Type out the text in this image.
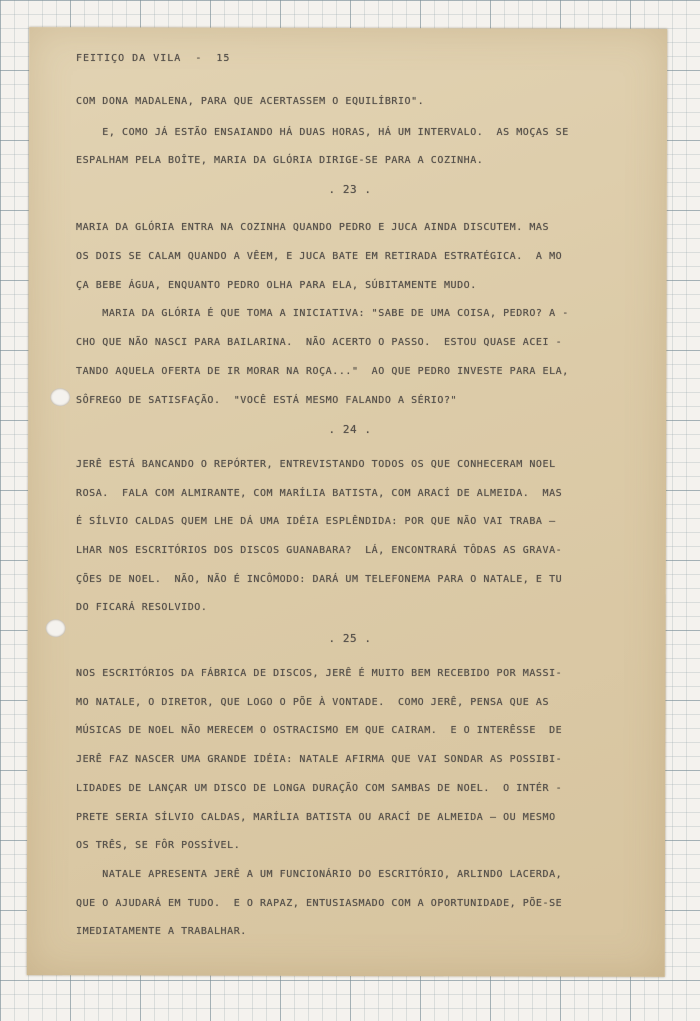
FEITIÇO DA VILA  -  15
COM DONA MADALENA, PARA QUE ACERTASSEM O EQUILÍBRIO".
E, COMO JÁ ESTÃO ENSAIANDO HÁ DUAS HORAS, HÁ UM INTERVALO.  AS MOÇAS SE
ESPALHAM PELA BOÎTE, MARIA DA GLÓRIA DIRIGE-SE PARA A COZINHA.
. 23 .
MARIA DA GLÓRIA ENTRA NA COZINHA QUANDO PEDRO E JUCA AINDA DISCUTEM. MAS
OS DOIS SE CALAM QUANDO A VÊEM, E JUCA BATE EM RETIRADA ESTRATÉGICA.  A MO
ÇA BEBE ÁGUA, ENQUANTO PEDRO OLHA PARA ELA, SÚBITAMENTE MUDO.
MARIA DA GLÓRIA É QUE TOMA A INICIATIVA: "SABE DE UMA COISA, PEDRO? A -
CHO QUE NÃO NASCI PARA BAILARINA.  NÃO ACERTO O PASSO.  ESTOU QUASE ACEI -
TANDO AQUELA OFERTA DE IR MORAR NA ROÇA..."  AO QUE PEDRO INVESTE PARA ELA,
SÔFREGO DE SATISFAÇÃO.  "VOCÊ ESTÁ MESMO FALANDO A SÉRIO?"
. 24 .
JERÊ ESTÁ BANCANDO O REPÓRTER, ENTREVISTANDO TODOS OS QUE CONHECERAM NOEL
ROSA.  FALA COM ALMIRANTE, COM MARÍLIA BATISTA, COM ARACÍ DE ALMEIDA.  MAS
É SÍLVIO CALDAS QUEM LHE DÁ UMA IDÉIA ESPLÊNDIDA: POR QUE NÃO VAI TRABA —
LHAR NOS ESCRITÓRIOS DOS DISCOS GUANABARA?  LÁ, ENCONTRARÁ TÔDAS AS GRAVA-
ÇÕES DE NOEL.  NÃO, NÃO É INCÔMODO: DARÁ UM TELEFONEMA PARA O NATALE, E TU
DO FICARÁ RESOLVIDO.
. 25 .
NOS ESCRITÓRIOS DA FÁBRICA DE DISCOS, JERÊ É MUITO BEM RECEBIDO POR MASSI-
MO NATALE, O DIRETOR, QUE LOGO O PÕE À VONTADE.  COMO JERÊ, PENSA QUE AS
MÚSICAS DE NOEL NÃO MERECEM O OSTRACISMO EM QUE CAIRAM.  E O INTERÊSSE  DE
JERÊ FAZ NASCER UMA GRANDE IDÉIA: NATALE AFIRMA QUE VAI SONDAR AS POSSIBI-
LIDADES DE LANÇAR UM DISCO DE LONGA DURAÇÃO COM SAMBAS DE NOEL.  O INTÉR -
PRETE SERIA SÍLVIO CALDAS, MARÍLIA BATISTA OU ARACÍ DE ALMEIDA — OU MESMO
OS TRÊS, SE FÔR POSSÍVEL.
NATALE APRESENTA JERÊ A UM FUNCIONÁRIO DO ESCRITÓRIO, ARLINDO LACERDA,
QUE O AJUDARÁ EM TUDO.  E O RAPAZ, ENTUSIASMADO COM A OPORTUNIDADE, PÕE-SE
IMEDIATAMENTE A TRABALHAR.
